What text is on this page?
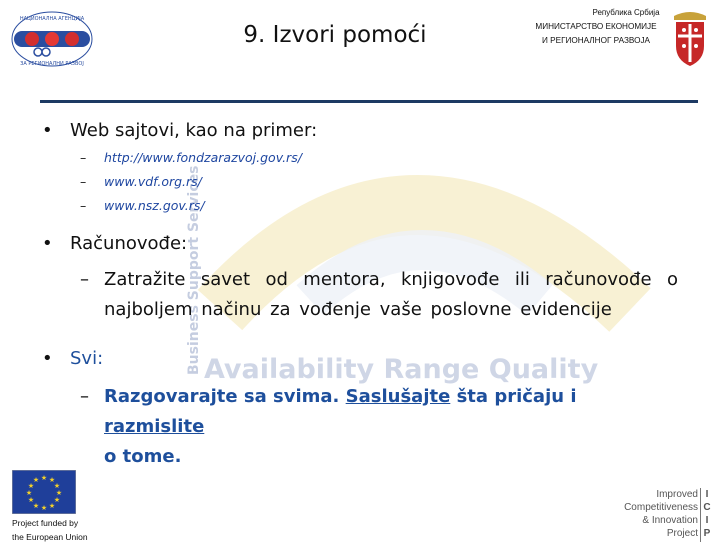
НАЦИОНАЛНА АГЕНЦИЈА
ЗА РЕГИОНАЛНИ РАЗВОЈ
9. Izvori pomoći
Република Србија
МИНИСТАРСТВО ЕКОНОМИЈЕ
И РЕГИОНАЛНОГ РАЗВОЈА
Business Support Services Availability Range Quality
• Web sajtovi, kao na primer:
– http://www.fondzarazvoj.gov.rs/
– www.vdf.org.rs/
– www.nsz.gov.rs/
• Računovođe:
– Zatražite savet od mentora, knjigovođe ili računovođe o najboljem načinu za vođenje vaše poslovne evidencije
• Svi:
– Razgovarajte sa svima. Saslušajte šta pričaju i razmislite
o tome.
★ ★
★
★
★
★
★
★
★
★
★
★
Project funded by
the European Union
Improved
Competitiveness
& Innovation
Project
I
C
I
P
